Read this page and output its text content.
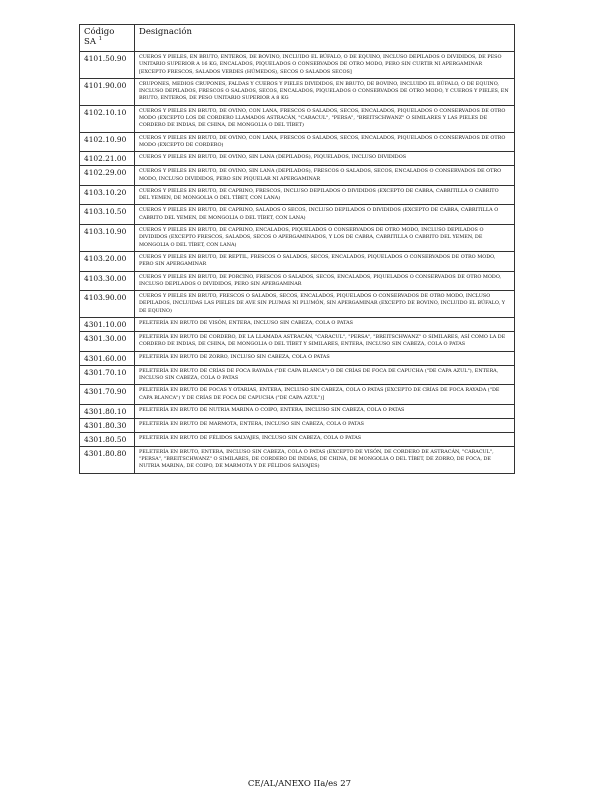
Código
SA $^1$	Designación
4101.50.90	CUEROS Y PIELES, EN BRUTO, ENTEROS, DE BOVINO, INCLUIDO EL BÚFALO, O DE EQUINO, INCLUSO DEPILADOS O DIVIDIDOS, DE PESO UNITARIO SUPERIOR A 16 KG, ENCALADOS, PIQUELADOS O CONSERVADOS DE OTRO MODO, PERO SIN CURTIR NI APERGAMINAR [EXCEPTO FRESCOS, SALADOS VERDES (HÚMEDOS), SECOS O SALADOS SECOS]
4101.90.00	CRUPONES, MEDIOS CRUPONES, FALDAS Y CUEROS Y PIELES DIVIDIDOS, EN BRUTO, DE BOVINO, INCLUIDO EL BÚFALO, O DE EQUINO, INCLUSO DEPILADOS, FRESCOS O SALADOS, SECOS, ENCALADOS, PIQUELADOS O CONSERVADOS DE OTRO MODO, Y CUEROS Y PIELES, EN BRUTO, ENTEROS, DE PESO UNITARIO SUPERIOR A 8 KG
4102.10.10	CUEROS Y PIELES EN BRUTO, DE OVINO, CON LANA, FRESCOS O SALADOS, SECOS, ENCALADOS, PIQUELADOS O CONSERVADOS DE OTRO MODO (EXCEPTO LOS DE CORDERO LLAMADOS ASTRACÁN, "CARACUL", "PERSA", "BREITSCHWANZ" O SIMILARES Y LAS PIELES DE CORDERO DE INDIAS, DE CHINA, DE MONGOLIA O DEL TÍBET)
4102.10.90	CUEROS Y PIELES EN BRUTO, DE OVINO, CON LANA, FRESCOS O SALADOS, SECOS, ENCALADOS, PIQUELADOS O CONSERVADOS DE OTRO MODO (EXCEPTO DE CORDERO)
4102.21.00	CUEROS Y PIELES EN BRUTO, DE OVINO, SIN LANA (DEPILADOS), PIQUELADOS, INCLUSO DIVIDIDOS
4102.29.00	CUEROS Y PIELES EN BRUTO, DE OVINO, SIN LANA (DEPILADOS), FRESCOS O SALADOS, SECOS, ENCALADOS O CONSERVADOS DE OTRO MODO, INCLUSO DIVIDIDOS, PERO SIN PIQUELAR NI APERGAMINAR
4103.10.20	CUEROS Y PIELES EN BRUTO, DE CAPRINO, FRESCOS, INCLUSO DEPILADOS O DIVIDIDOS (EXCEPTO DE CABRA, CABRITILLA O CABRITO DEL YEMEN, DE MONGOLIA O DEL TÍBET, CON LANA)
4103.10.50	CUEROS Y PIELES EN BRUTO, DE CAPRINO, SALADOS O SECOS, INCLUSO DEPILADOS O DIVIDIDOS (EXCEPTO DE CABRA, CABRITILLA O CABRITO DEL YEMEN, DE MONGOLIA O DEL TÍBET, CON LANA)
4103.10.90	CUEROS Y PIELES EN BRUTO, DE CAPRINO, ENCALADOS, PIQUELADOS O CONSERVADOS DE OTRO MODO, INCLUSO DEPILADOS O DIVIDIDOS (EXCEPTO FRESCOS, SALADOS, SECOS O APERGAMINADOS, Y LOS DE CABRA, CABRITILLA O CABRITO DEL YEMEN, DE MONGOLIA O DEL TÍBET, CON LANA)
4103.20.00	CUEROS Y PIELES EN BRUTO, DE REPTIL, FRESCOS O SALADOS, SECOS, ENCALADOS, PIQUELADOS O CONSERVADOS DE OTRO MODO, PERO SIN APERGAMINAR
4103.30.00	CUEROS Y PIELES EN BRUTO, DE PORCINO, FRESCOS O SALADOS, SECOS, ENCALADOS, PIQUELADOS O CONSERVADOS DE OTRO MODO, INCLUSO DEPILADOS O DIVIDIDOS, PERO SIN APERGAMINAR
4103.90.00	CUEROS Y PIELES EN BRUTO, FRESCOS O SALADOS, SECOS, ENCALADOS, PIQUELADOS O CONSERVADOS DE OTRO MODO, INCLUSO DEPILADOS, INCLUIDAS LAS PIELES DE AVE SIN PLUMAS NI PLUMÓN, SIN APERGAMINAR (EXCEPTO DE BOVINO, INCLUIDO EL BÚFALO, Y DE EQUINO)
4301.10.00	PELETERÍA EN BRUTO DE VISÓN, ENTERA, INCLUSO SIN CABEZA, COLA O PATAS
4301.30.00	PELETERÍA EN BRUTO DE CORDERO, DE LA LLAMADA ASTRACÁN, "CARACUL", "PERSA", "BREITSCHWANZ" O SIMILARES, ASÍ COMO LA DE CORDERO DE INDIAS, DE CHINA, DE MONGOLIA O DEL TÍBET Y SIMILARES, ENTERA, INCLUSO SIN CABEZA, COLA O PATAS
4301.60.00	PELETERÍA EN BRUTO DE ZORRO, INCLUSO SIN CABEZA, COLA O PATAS
4301.70.10	PELETERÍA EN BRUTO DE CRÍAS DE FOCA RAYADA ("DE CAPA BLANCA") O DE CRÍAS DE FOCA DE CAPUCHA ("DE CAPA AZUL"), ENTERA, INCLUSO SIN CABEZA, COLA O PATAS
4301.70.90	PELETERÍA EN BRUTO DE FOCAS Y OTARIAS, ENTERA, INCLUSO SIN CABEZA, COLA O PATAS [EXCEPTO DE CRÍAS DE FOCA RAYADA ("DE CAPA BLANCA") Y DE CRÍAS DE FOCA DE CAPUCHA ("DE CAPA AZUL")]
4301.80.10	PELETERÍA EN BRUTO DE NUTRIA MARINA O COIPO, ENTERA, INCLUSO SIN CABEZA, COLA O PATAS
4301.80.30	PELETERÍA EN BRUTO DE MARMOTA, ENTERA, INCLUSO SIN CABEZA, COLA O PATAS
4301.80.50	PELETERÍA EN BRUTO DE FÉLIDOS SALVAJES, INCLUSO SIN CABEZA, COLA O PATAS
4301.80.80	PELETERÍA EN BRUTO, ENTERA, INCLUSO SIN CABEZA, COLA O PATAS (EXCEPTO DE VISÓN, DE CORDERO DE ASTRACÁN, "CARACUL", "PERSA", "BREITSCHWANZ" O SIMILARES, DE CORDERO DE INDIAS, DE CHINA, DE MONGOLIA O DEL TÍBET, DE ZORRO, DE FOCA, DE NUTRIA MARINA, DE COIPO, DE MARMOTA Y DE FÉLIDOS SALVAJES)
CE/AL/ANEXO IIa/es 27
